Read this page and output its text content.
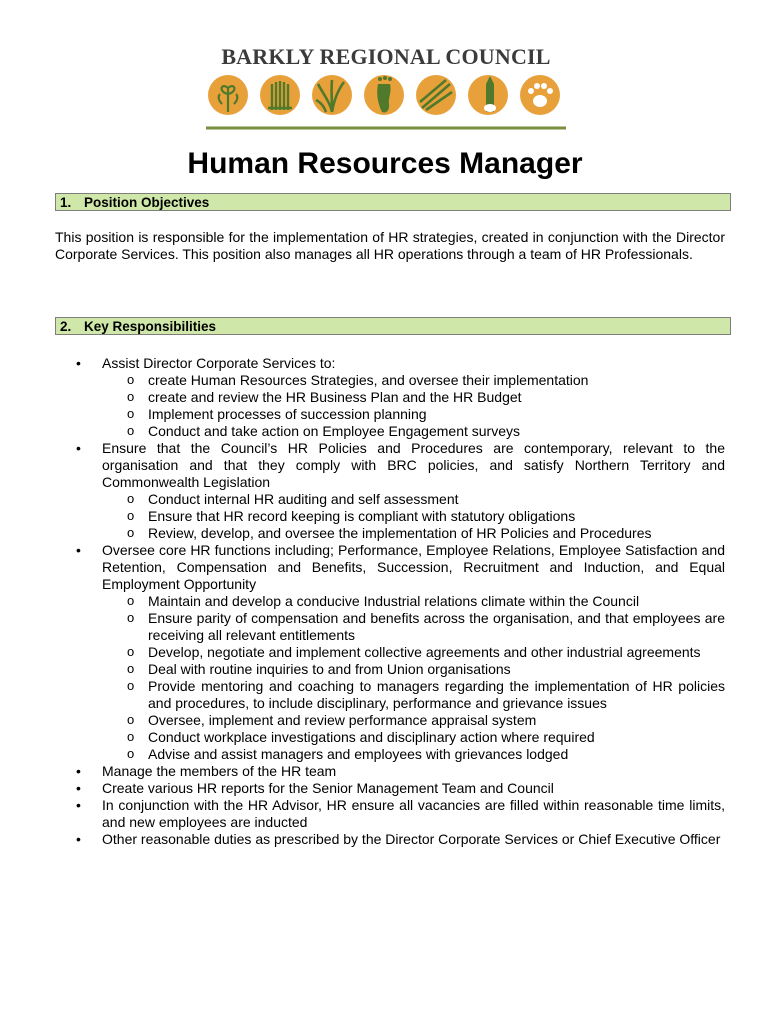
BARKLY REGIONAL COUNCIL
Human Resources Manager
1. Position Objectives
This position is responsible for the implementation of HR strategies, created in conjunction with the Director Corporate Services. This position also manages all HR operations through a team of HR Professionals.
2. Key Responsibilities
• Assist Director Corporate Services to:
o create Human Resources Strategies, and oversee their implementation
o create and review the HR Business Plan and the HR Budget
o Implement processes of succession planning
o Conduct and take action on Employee Engagement surveys
• Ensure that the Council’s HR Policies and Procedures are contemporary, relevant to the organisation and that they comply with BRC policies, and satisfy Northern Territory and Commonwealth Legislation
o Conduct internal HR auditing and self assessment
o Ensure that HR record keeping is compliant with statutory obligations
o Review, develop, and oversee the implementation of HR Policies and Procedures
• Oversee core HR functions including; Performance, Employee Relations, Employee Satisfaction and Retention, Compensation and Benefits, Succession, Recruitment and Induction, and Equal Employment Opportunity
o Maintain and develop a conducive Industrial relations climate within the Council
o Ensure parity of compensation and benefits across the organisation, and that employees are receiving all relevant entitlements
o Develop, negotiate and implement collective agreements and other industrial agreements
o Deal with routine inquiries to and from Union organisations
o Provide mentoring and coaching to managers regarding the implementation of HR policies and procedures, to include disciplinary, performance and grievance issues
o Oversee, implement and review performance appraisal system
o Conduct workplace investigations and disciplinary action where required
o Advise and assist managers and employees with grievances lodged
• Manage the members of the HR team
• Create various HR reports for the Senior Management Team and Council
• In conjunction with the HR Advisor, HR ensure all vacancies are filled within reasonable time limits, and new employees are inducted
• Other reasonable duties as prescribed by the Director Corporate Services or Chief Executive Officer
